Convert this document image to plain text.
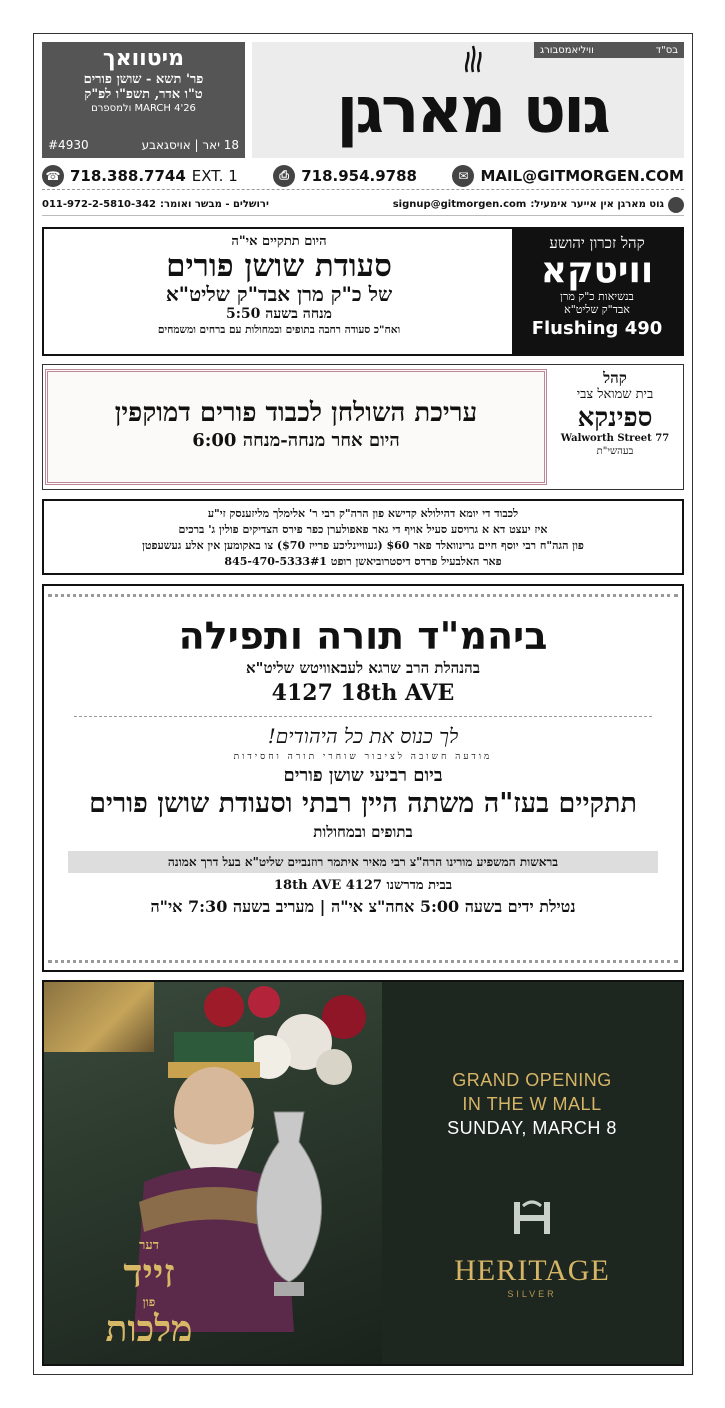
מיטוואך
פר' תשא - שושן פורים
ט"ו אדר, תשפ"ו לפ"ק
MARCH 4'26 ולמספרם
18 יאר | אויסגאבע
#4930
בס"ד
וויליאמסבורג
גוט מארגן
☎ 718.388.7744 EXT. 1	⎙ 718.954.9788	✉ MAIL@GITMORGEN.COM
גוט מארגן אין אייער אימעיל:
signup@gitmorgen.com
ירושלים - מבשר ואומר:
011-972-2-5810-342
קהל זכרון יהושע
וויטקא
בנשיאות כ"ק מרן
אבד"ק שליט"א
490 Flushing
היום תתקיים אי"ה
סעודת שושן פורים
של כ"ק מרן אבד"ק שליט"א
מנחה בשעה 5:50
ואח"כ סעודה רחבה בתופים ובמחולות עם ברחים ומשמחים
עריכת השולחן לכבוד פורים דמוקפין
היום אחר מנחה-מנחה 6:00
קהל
בית שמואל צבי
ספינקא
77 Walworth Street
בעהשי"ת
לכבוד די יומא דהילולא קדישא פון הרה"ק רבי ר' אלימלך מליזענסק זי"ע
איז יעצט דא א גרויסע סעיל אויף די גאר פאפולערן כפר פירס הצדיקים פולין ג' ברכים
פון הגה"ח רבי יוסף חיים גרינוואלד פאר $60 (געוויינליכע פרייז $70) צו באקומען אין אלע געשעפטן
פאר האלבעיל פרדס דיסטרוביאשן רופט 845-470-5333#1
ביהמ"ד תורה ותפילה
בהנהלת הרב שרגא לעבאוויטש שליט"א
4127 18th AVE
לך כנוס את כל היהודים!
מודעה חשובה לציבור שוחרי תורה וחסידות
ביום רביעי שושן פורים
תתקיים בעז"ה משתה היין רבתי וסעודת שושן פורים
בתופים ובמחולות
בראשות המשפיע מורינו הרה"צ רבי מאיר איתמר רוזנביים שליט"א בעל דרך אמונה
בבית מדרשנו 4127 18th AVE
נטילת ידים בשעה 5:00 אחה"צ אי"ה | מעריב בשעה 7:30 אי"ה
דער
זייד
פון
מלכות
GRAND OPENING
IN THE W MALL
SUNDAY, MARCH 8
HERITAGE
SILVER
